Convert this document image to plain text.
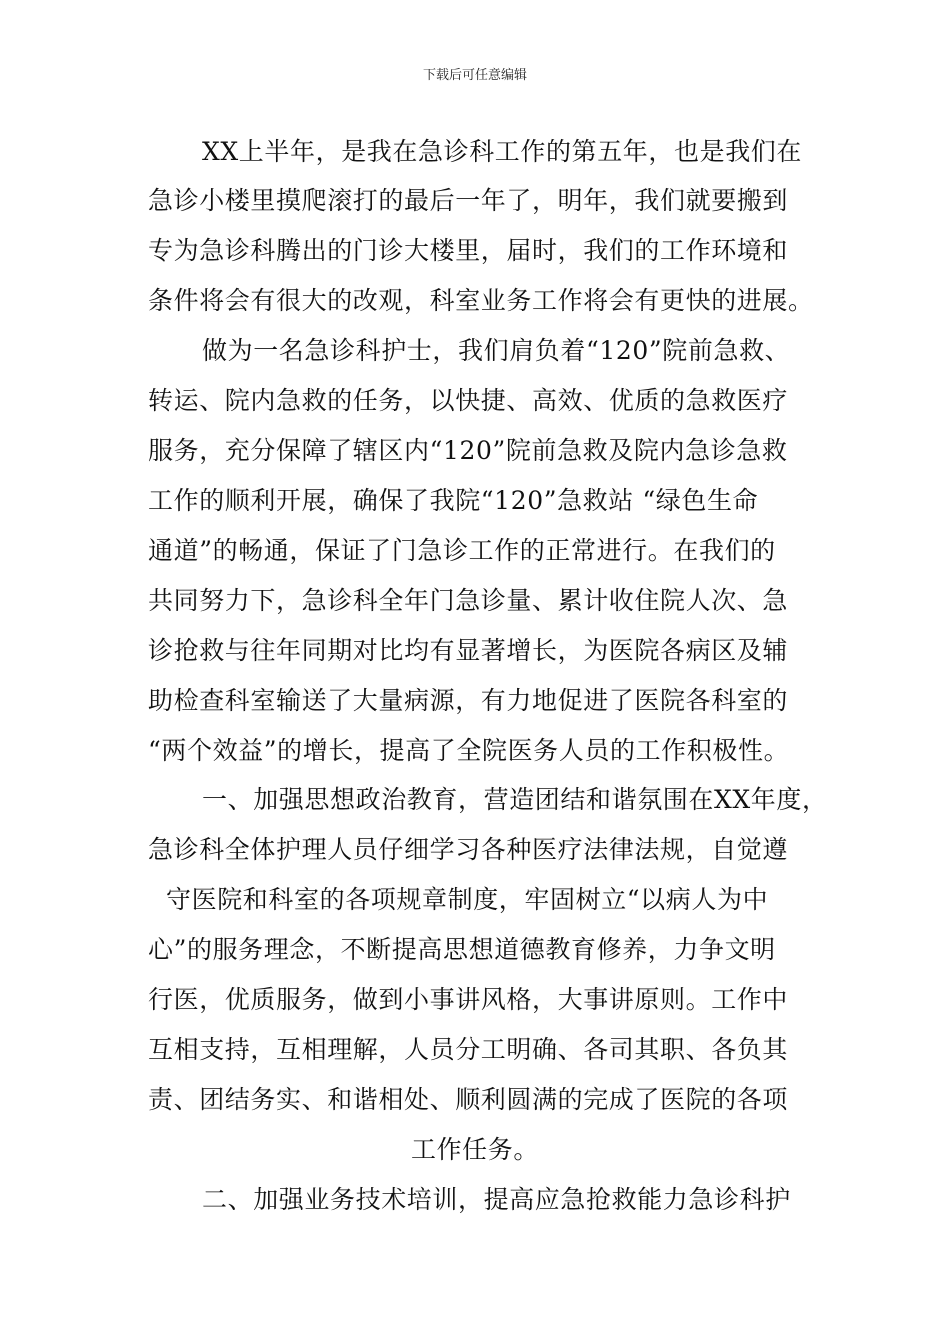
下载后可任意编辑
XX上半年，是我在急诊科工作的第五年，也是我们在
急诊小楼里摸爬滚打的最后一年了，明年，我们就要搬到
专为急诊科腾出的门诊大楼里，届时，我们的工作环境和
条件将会有很大的改观，科室业务工作将会有更快的进展。
做为一名急诊科护士，我们肩负着“120”院前急救、
转运、院内急救的任务，以快捷、高效、优质的急救医疗
服务，充分保障了辖区内“120”院前急救及院内急诊急救
工作的顺利开展，确保了我院“120”急救站 “绿色生命
通道”的畅通，保证了门急诊工作的正常进行。在我们的
共同努力下，急诊科全年门急诊量、累计收住院人次、急
诊抢救与往年同期对比均有显著增长，为医院各病区及辅
助检查科室输送了大量病源，有力地促进了医院各科室的
“两个效益”的增长，提高了全院医务人员的工作积极性。
一、加强思想政治教育，营造团结和谐氛围在XX年度，
急诊科全体护理人员仔细学习各种医疗法律法规，自觉遵
守医院和科室的各项规章制度，牢固树立“以病人为中
心”的服务理念，不断提高思想道德教育修养，力争文明
行医，优质服务，做到小事讲风格，大事讲原则。工作中
互相支持，互相理解，人员分工明确、各司其职、各负其
责、团结务实、和谐相处、顺利圆满的完成了医院的各项
工作任务。
二、加强业务技术培训，提高应急抢救能力急诊科护
